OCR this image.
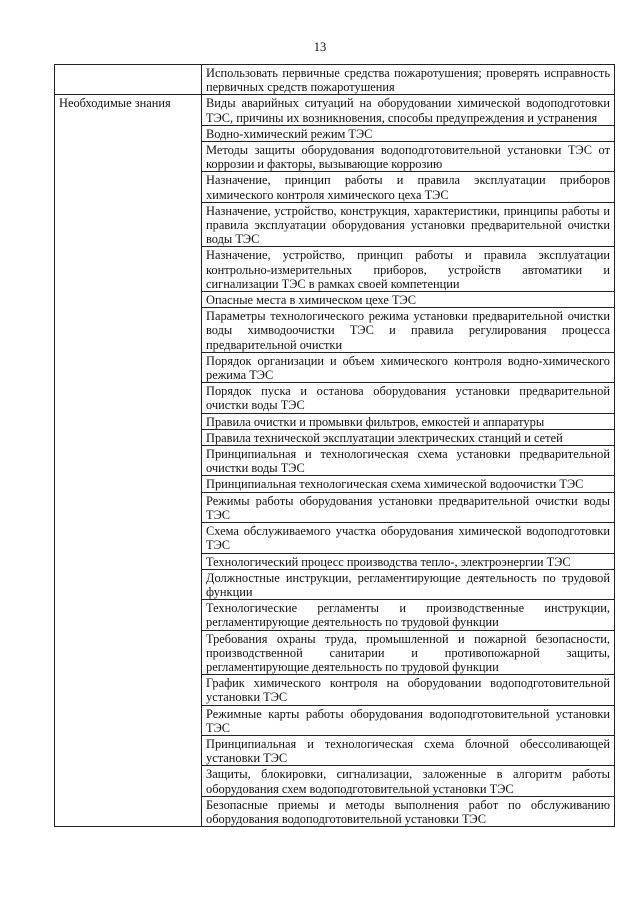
13
	Использовать первичные средства пожаротушения; проверять исправность первичных средств пожаротушения
Необходимые знания	Виды аварийных ситуаций на оборудовании химической водоподготовки ТЭС, причины их возникновения, способы предупреждения и устранения
	Водно-химический режим ТЭС
	Методы защиты оборудования водоподготовительной установки ТЭС от коррозии и факторы, вызывающие коррозию
	Назначение, принцип работы и правила эксплуатации приборов химического контроля химического цеха ТЭС
	Назначение, устройство, конструкция, характеристики, принципы работы и правила эксплуатации оборудования установки предварительной очистки воды ТЭС
	Назначение, устройство, принцип работы и правила эксплуатации контрольно-измерительных приборов, устройств автоматики и сигнализации ТЭС в рамках своей компетенции
	Опасные места в химическом цехе ТЭС
	Параметры технологического режима установки предварительной очистки воды химводоочистки ТЭС и правила регулирования процесса предварительной очистки
	Порядок организации и объем химического контроля водно-химического режима ТЭС
	Порядок пуска и останова оборудования установки предварительной очистки воды ТЭС
	Правила очистки и промывки фильтров, емкостей и аппаратуры
	Правила технической эксплуатации электрических станций и сетей
	Принципиальная и технологическая схема установки предварительной очистки воды ТЭС
	Принципиальная технологическая схема химической водоочистки ТЭС
	Режимы работы оборудования установки предварительной очистки воды ТЭС
	Схема обслуживаемого участка оборудования химической водоподготовки ТЭС
	Технологический процесс производства тепло-, электроэнергии ТЭС
	Должностные инструкции, регламентирующие деятельность по трудовой функции
	Технологические регламенты и производственные инструкции, регламентирующие деятельность по трудовой функции
	Требования охраны труда, промышленной и пожарной безопасности, производственной санитарии и противопожарной защиты, регламентирующие деятельность по трудовой функции
	График химического контроля на оборудовании водоподготовительной установки ТЭС
	Режимные карты работы оборудования водоподготовительной установки ТЭС
	Принципиальная и технологическая схема блочной обессоливающей установки ТЭС
	Защиты, блокировки, сигнализации, заложенные в алгоритм работы оборудования схем водоподготовительной установки ТЭС
	Безопасные приемы и методы выполнения работ по обслуживанию оборудования водоподготовительной установки ТЭС
